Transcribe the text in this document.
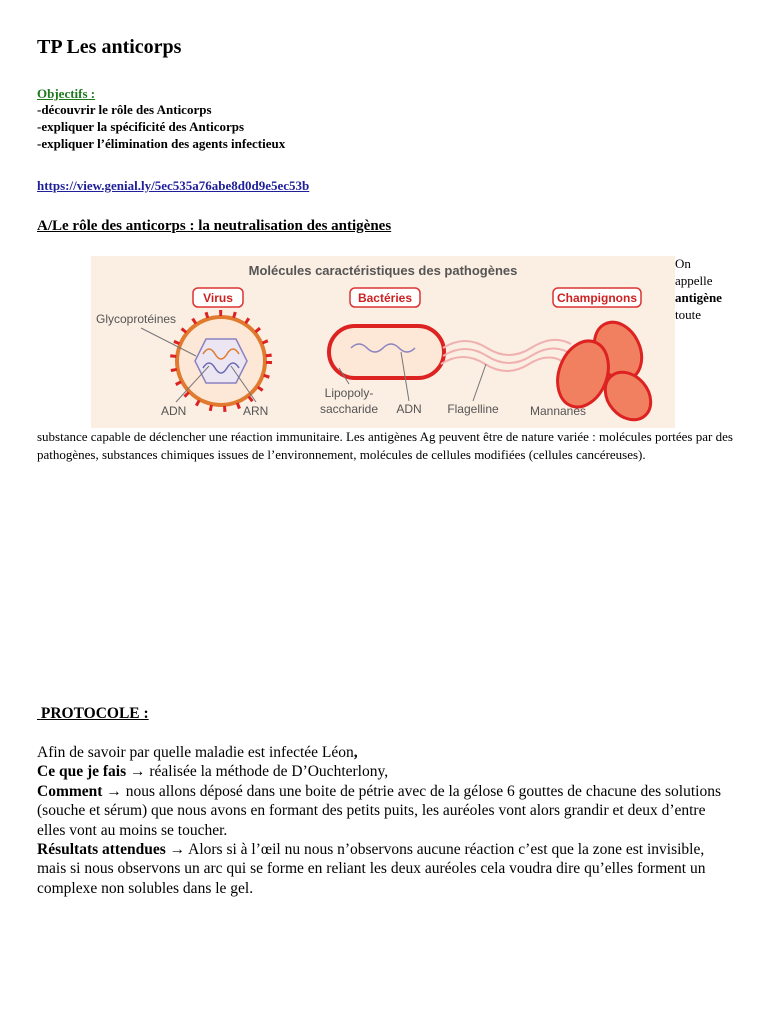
TP Les anticorps
Objectifs :
-découvrir le rôle des Anticorps
-expliquer la spécificité des Anticorps
-expliquer l’élimination des agents infectieux
https://view.genial.ly/5ec535a76abe8d0d9e5ec53b
A/Le rôle des anticorps : la neutralisation des antigènes
Molécules caractéristiques des pathogènes
Virus	Bactéries	Champignons
Glycoprotéines
ADN	ARN
Lipopoly-
saccharide ADN Flagelline	Mannanes
On
appelle
antigène
toute
substance capable de déclencher une réaction immunitaire. Les antigènes Ag peuvent être de nature variée : molécules portées par des pathogènes, substances chimiques issues de l’environnement, molécules de cellules modifiées (cellules cancéreuses).
PROTOCOLE :
Afin de savoir par quelle maladie est infectée Léon,
Ce que je fais → réalisée la méthode de D’Ouchterlony,
Comment → nous allons déposé dans une boite de pétrie avec de la gélose 6 gouttes de chacune des solutions (souche et sérum) que nous avons en formant des petits puits, les auréoles vont alors grandir et deux d’entre elles vont au moins se toucher.
Résultats attendues → Alors si à l’œil nu nous n’observons aucune réaction c’est que la zone est invisible, mais si nous observons un arc qui se forme en reliant les deux auréoles cela voudra dire qu’elles forment un complexe non solubles dans le gel.
